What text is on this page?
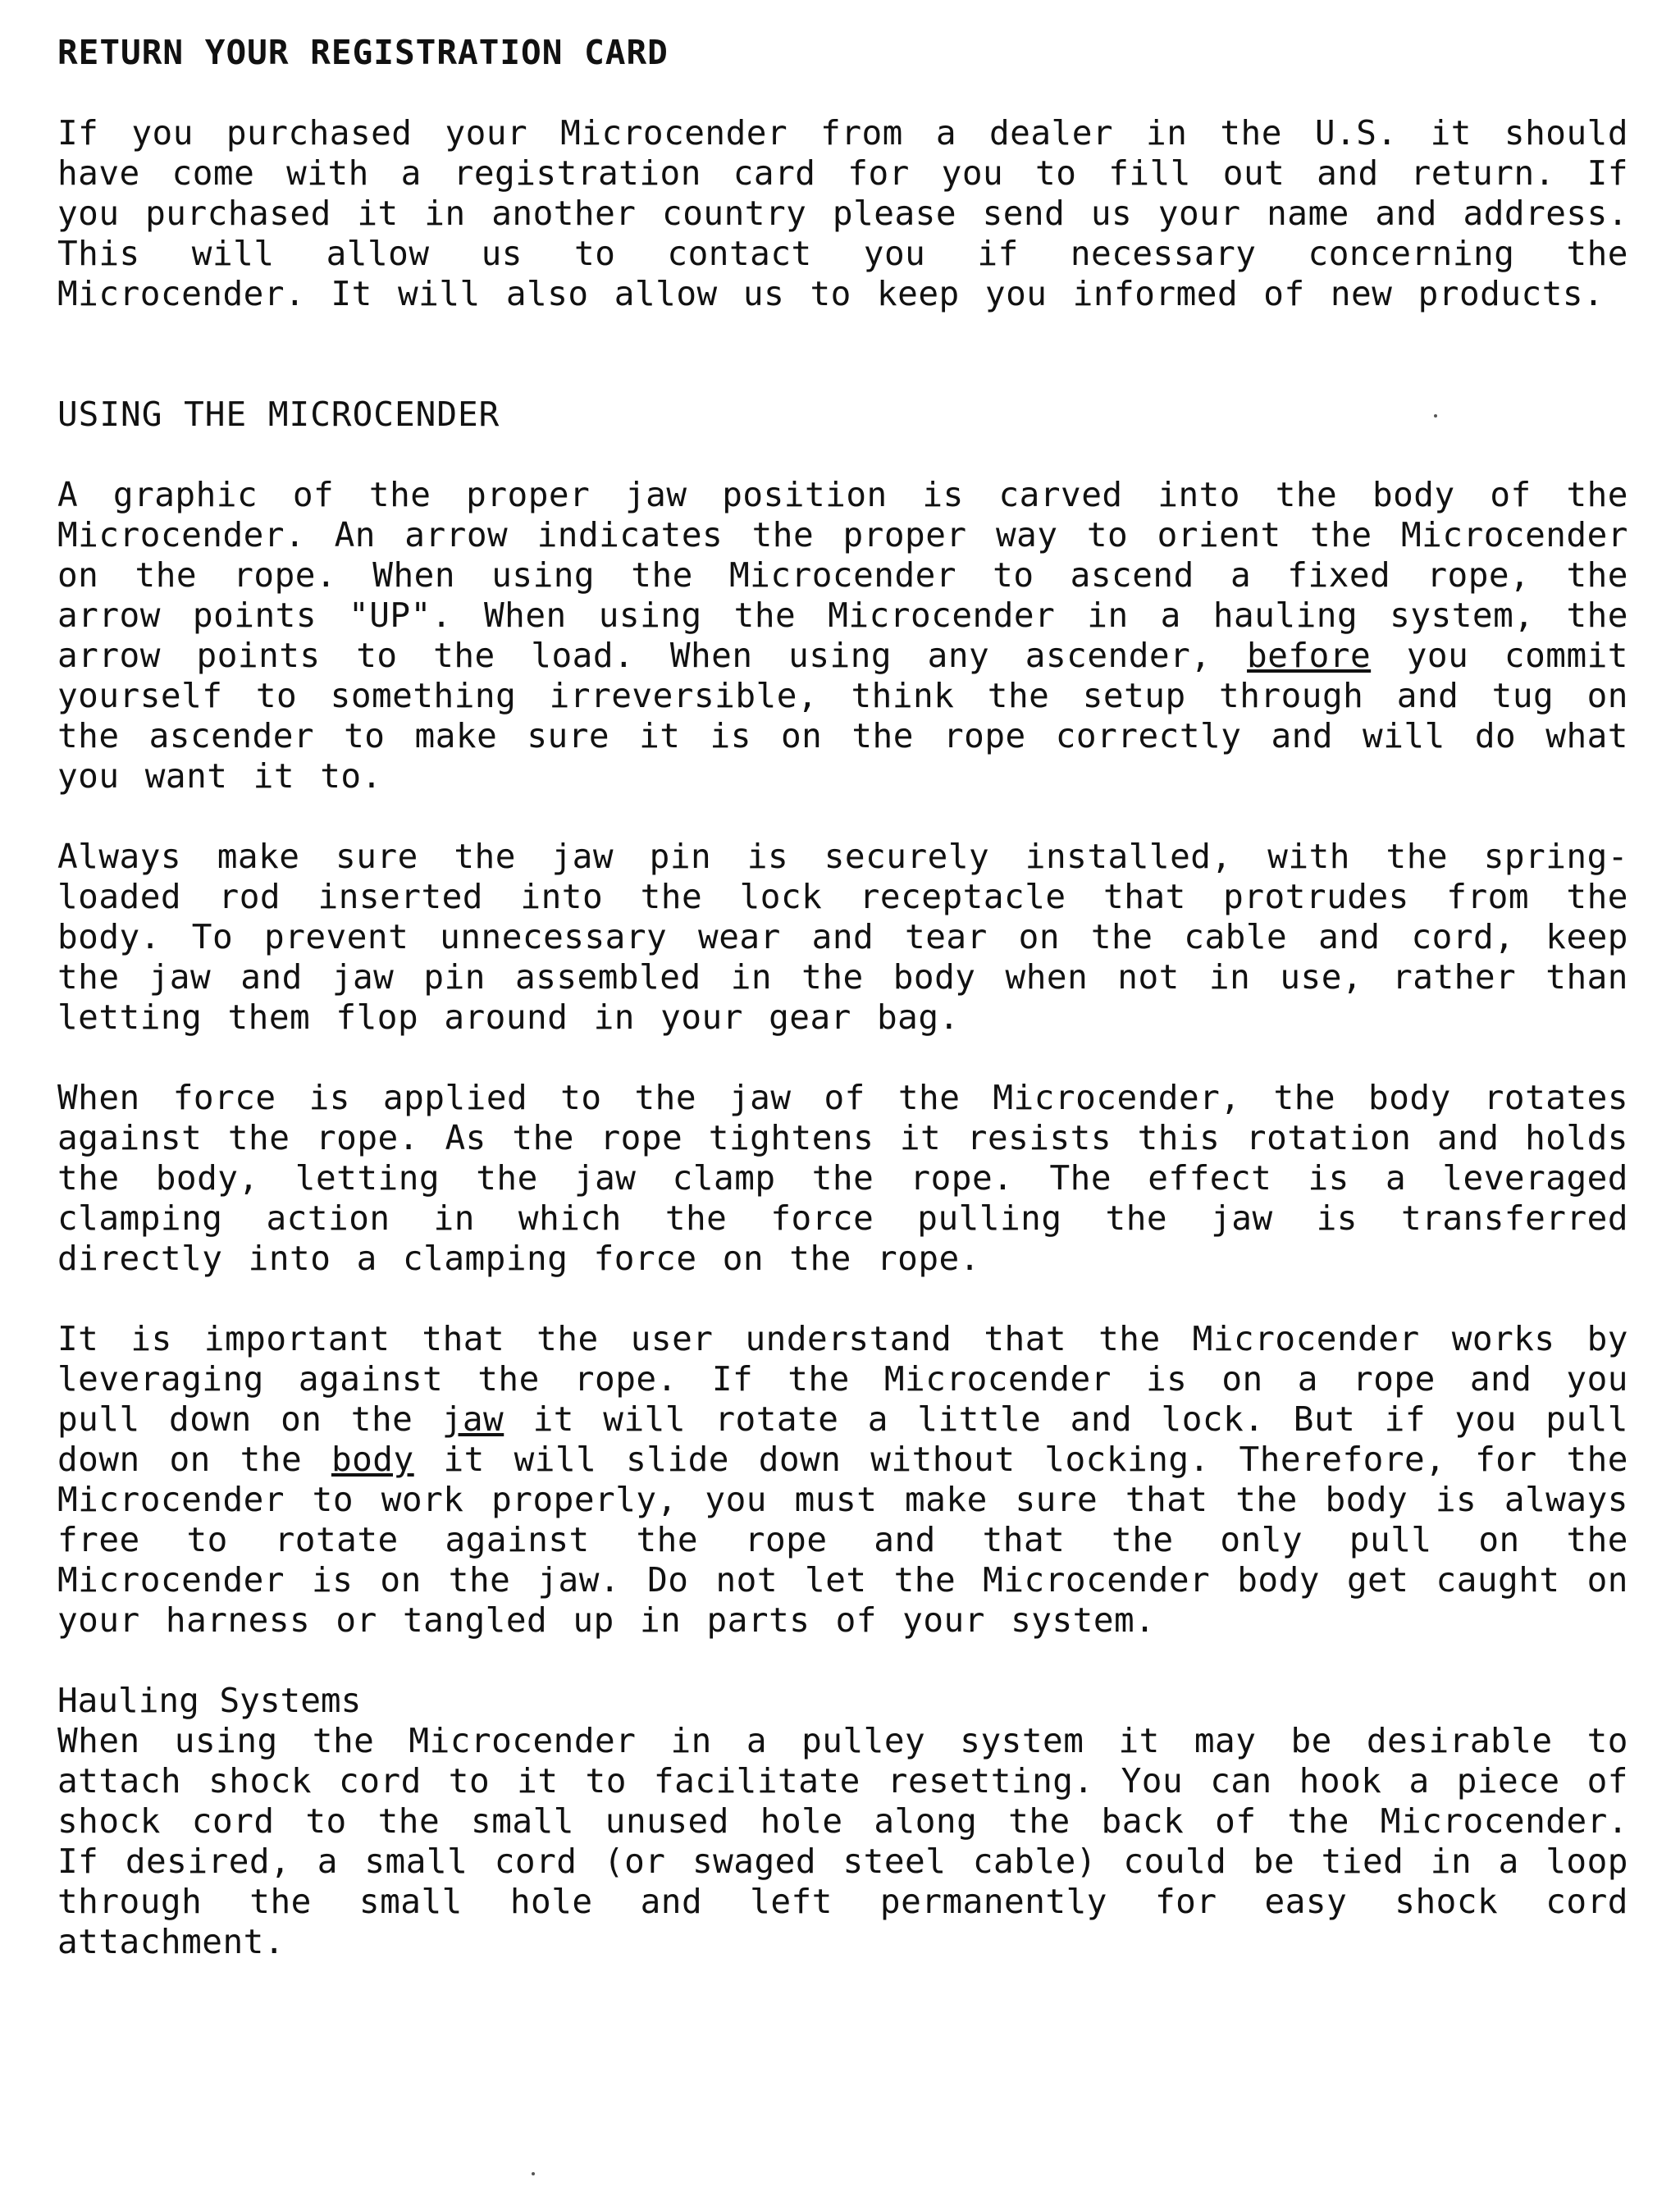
RETURN YOUR REGISTRATION CARD

If you purchased your Microcender from a dealer in the U.S. it should have come with a registration card for you to fill out and return. If you purchased it in another country please send us your name and address. This will allow us to contact you if necessary concerning the Microcender. It will also allow us to keep you informed of new products.

USING THE MICROCENDER

A graphic of the proper jaw position is carved into the body of the Microcender. An arrow indicates the proper way to orient the Microcender on the rope. When using the Microcender to ascend a fixed rope, the arrow points "UP". When using the Microcender in a hauling system, the arrow points to the load. When using any ascender, before you commit yourself to something irreversible, think the setup through and tug on the ascender to make sure it is on the rope correctly and will do what you want it to.

Always make sure the jaw pin is securely installed, with the spring-loaded rod inserted into the lock receptacle that protrudes from the body. To prevent unnecessary wear and tear on the cable and cord, keep the jaw and jaw pin assembled in the body when not in use, rather than letting them flop around in your gear bag.

When force is applied to the jaw of the Microcender, the body rotates against the rope. As the rope tightens it resists this rotation and holds the body, letting the jaw clamp the rope. The effect is a leveraged clamping action in which the force pulling the jaw is transferred directly into a clamping force on the rope.

It is important that the user understand that the Microcender works by leveraging against the rope. If the Microcender is on a rope and you pull down on the jaw it will rotate a little and lock. But if you pull down on the body it will slide down without locking. Therefore, for the Microcender to work properly, you must make sure that the body is always free to rotate against the rope and that the only pull on the Microcender is on the jaw. Do not let the Microcender body get caught on your harness or tangled up in parts of your system.

Hauling Systems

When using the Microcender in a pulley system it may be desirable to attach shock cord to it to facilitate resetting. You can hook a piece of shock cord to the small unused hole along the back of the Microcender. If desired, a small cord (or swaged steel cable) could be tied in a loop through the small hole and left permanently for easy shock cord attachment.
